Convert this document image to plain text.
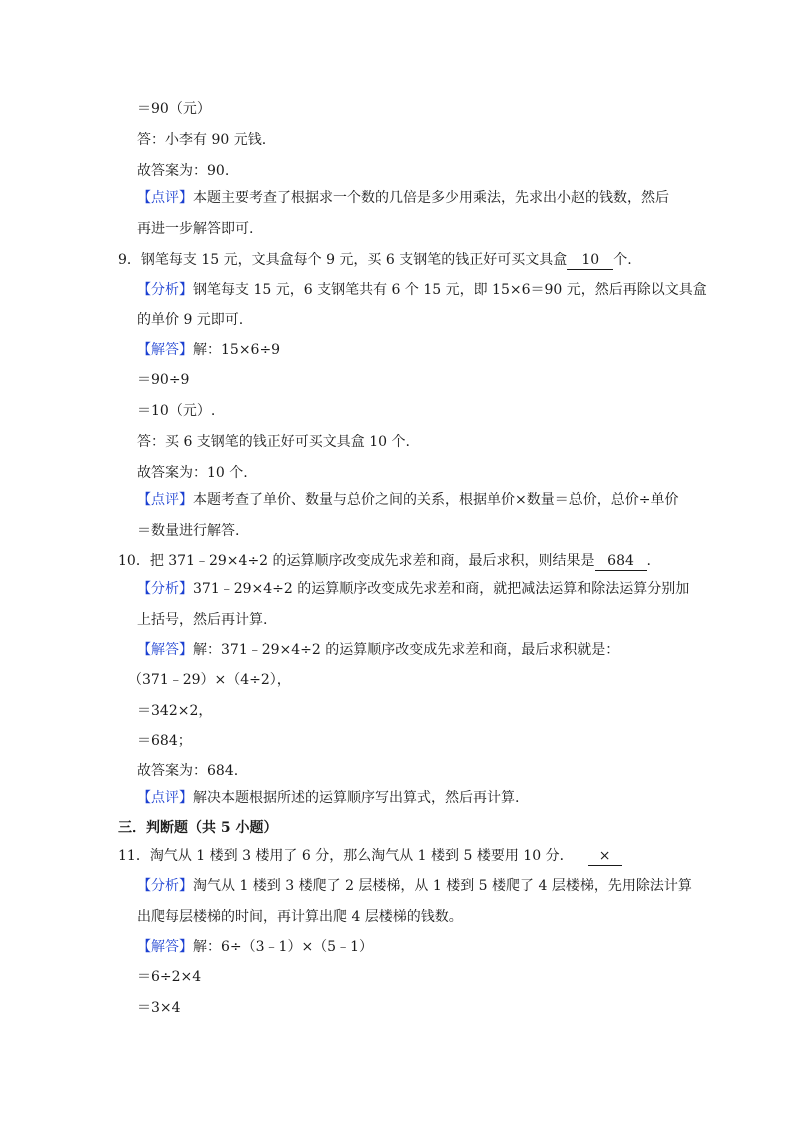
＝90（元）
答：小李有 90 元钱.
故答案为：90.
【点评】本题主要考查了根据求一个数的几倍是多少用乘法，先求出小赵的钱数，然后
再进一步解答即可.
9．钢笔每支 15 元，文具盒每个 9 元，买 6 支钢笔的钱正好可买文具盒 10 个.
【分析】钢笔每支 15 元，6 支钢笔共有 6 个 15 元，即 15×6＝90 元，然后再除以文具盒
的单价 9 元即可.
【解答】解：15×6÷9
＝90÷9
＝10（元）.
答：买 6 支钢笔的钱正好可买文具盒 10 个.
故答案为：10 个.
【点评】本题考查了单价、数量与总价之间的关系，根据单价×数量＝总价，总价÷单价
＝数量进行解答.
10．把 371﹣29×4÷2 的运算顺序改变成先求差和商，最后求积，则结果是 684 .
【分析】371﹣29×4÷2 的运算顺序改变成先求差和商，就把减法运算和除法运算分别加
上括号，然后再计算.
【解答】解：371﹣29×4÷2 的运算顺序改变成先求差和商，最后求积就是：
（371﹣29）×（4÷2），
＝342×2，
＝684；
故答案为：684.
【点评】解决本题根据所述的运算顺序写出算式，然后再计算.
三．判断题（共 5 小题）
11．淘气从 1 楼到 3 楼用了 6 分，那么淘气从 1 楼到 5 楼要用 10 分． ×
【分析】淘气从 1 楼到 3 楼爬了 2 层楼梯，从 1 楼到 5 楼爬了 4 层楼梯，先用除法计算
出爬每层楼梯的时间，再计算出爬 4 层楼梯的钱数。
【解答】解：6÷（3﹣1）×（5﹣1）
＝6÷2×4
＝3×4
